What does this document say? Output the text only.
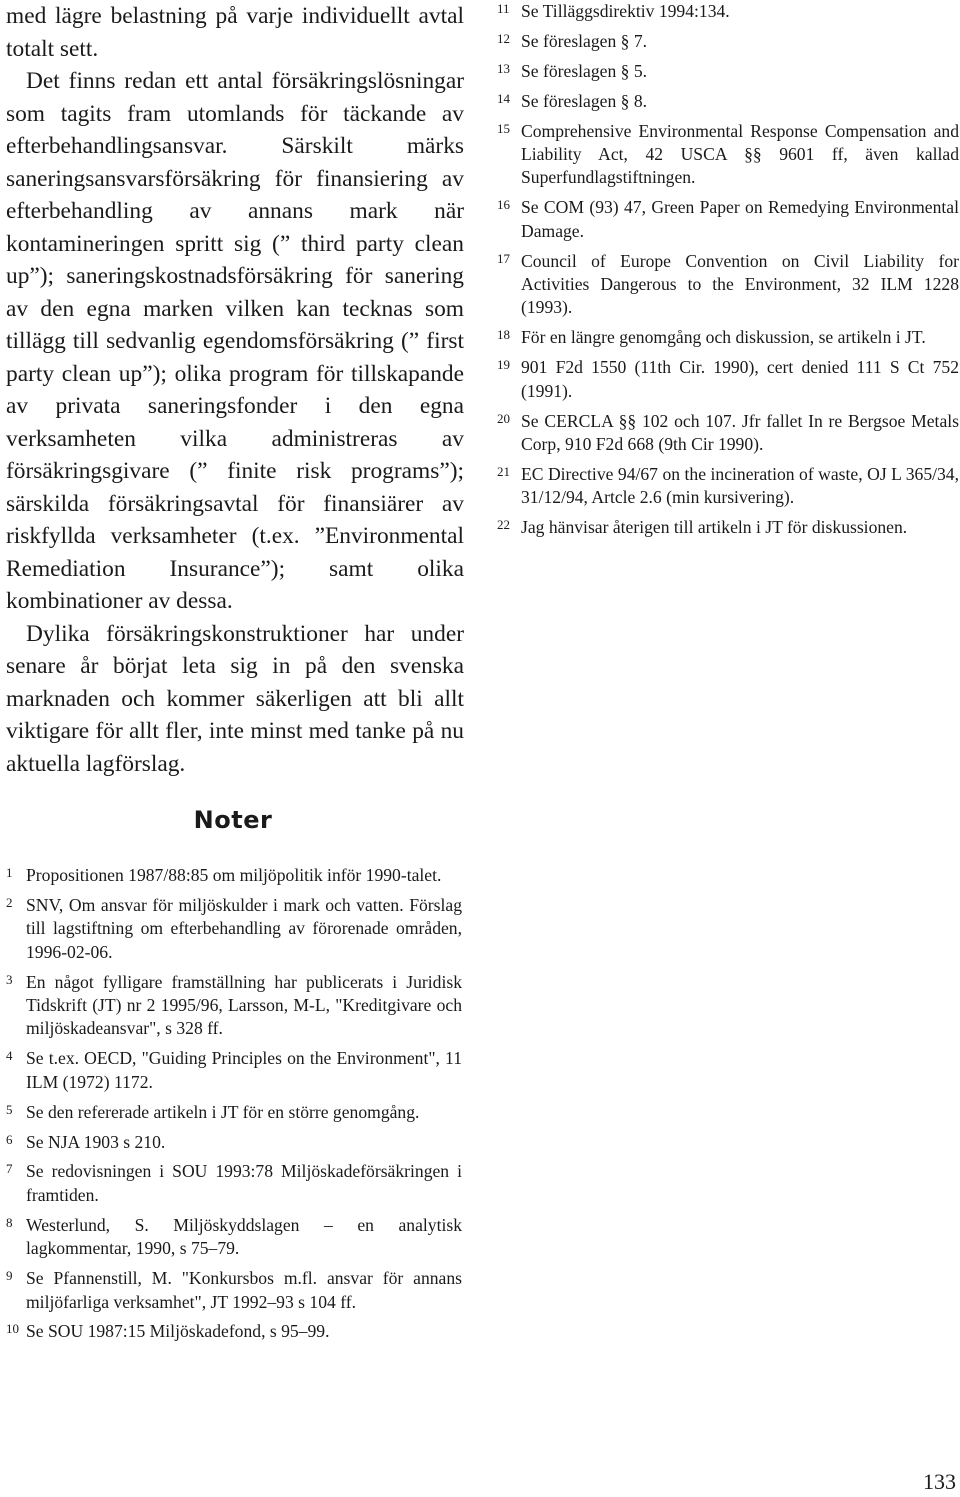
med lägre belastning på varje individuellt avtal totalt sett.

Det finns redan ett antal försäkringslösningar som tagits fram utomlands för täckande av efterbehandlingsansvar. Särskilt märks saneringsansvarsförsäkring för finansiering av efterbehandling av annans mark när kontamineringen spritt sig (” third party clean up”); saneringskostnadsförsäkring för sanering av den egna marken vilken kan tecknas som tillägg till sedvanlig egendomsförsäkring (” first party clean up”); olika program för tillskapande av privata saneringsfonder i den egna verksamheten vilka administreras av försäkringsgivare (” finite risk programs”); särskilda försäkringsavtal för finansiärer av riskfyllda verksamheter (t.ex. ”Environmental Remediation Insurance”); samt olika kombinationer av dessa.

Dylika försäkringskonstruktioner har under senare år börjat leta sig in på den svenska marknaden och kommer säkerligen att bli allt viktigare för allt fler, inte minst med tanke på nu aktuella lagförslag.

11 Se Tilläggsdirektiv 1994:134.
12 Se föreslagen § 7.
13 Se föreslagen § 5.
14 Se föreslagen § 8.
15 Comprehensive Environmental Response Compensation and Liability Act, 42 USCA §§ 9601 ff, även kallad Superfundlagstiftningen.
16 Se COM (93) 47, Green Paper on Remedying Environmental Damage.
17 Council of Europe Convention on Civil Liability for Activities Dangerous to the Environment, 32 ILM 1228 (1993).
18 För en längre genomgång och diskussion, se artikeln i JT.
19 901 F2d 1550 (11th Cir. 1990), cert denied 111 S Ct 752 (1991).
20 Se CERCLA §§ 102 och 107. Jfr fallet In re Bergsoe Metals Corp, 910 F2d 668 (9th Cir 1990).
21 EC Directive 94/67 on the incineration of waste, OJ L 365/34, 31/12/94, Artcle 2.6 (min kursivering).
22 Jag hänvisar återigen till artikeln i JT för diskussionen.
Noter
1 Propositionen 1987/88:85 om miljöpolitik inför 1990-talet.
2 SNV, Om ansvar för miljöskulder i mark och vatten. Förslag till lagstiftning om efterbehandling av förorenade områden, 1996-02-06.
3 En något fylligare framställning har publicerats i Juridisk Tidskrift (JT) nr 2 1995/96, Larsson, M-L, "Kreditgivare och miljöskadeansvar", s 328 ff.
4 Se t.ex. OECD, "Guiding Principles on the Environment", 11 ILM (1972) 1172.
5 Se den refererade artikeln i JT för en större genomgång.
6 Se NJA 1903 s 210.
7 Se redovisningen i SOU 1993:78 Miljöskadeförsäkringen i framtiden.
8 Westerlund, S. Miljöskyddslagen – en analytisk lagkommentar, 1990, s 75–79.
9 Se Pfannenstill, M. "Konkursbos m.fl. ansvar för annans miljöfarliga verksamhet", JT 1992–93 s 104 ff.
10 Se SOU 1987:15 Miljöskadefond, s 95–99.
133
